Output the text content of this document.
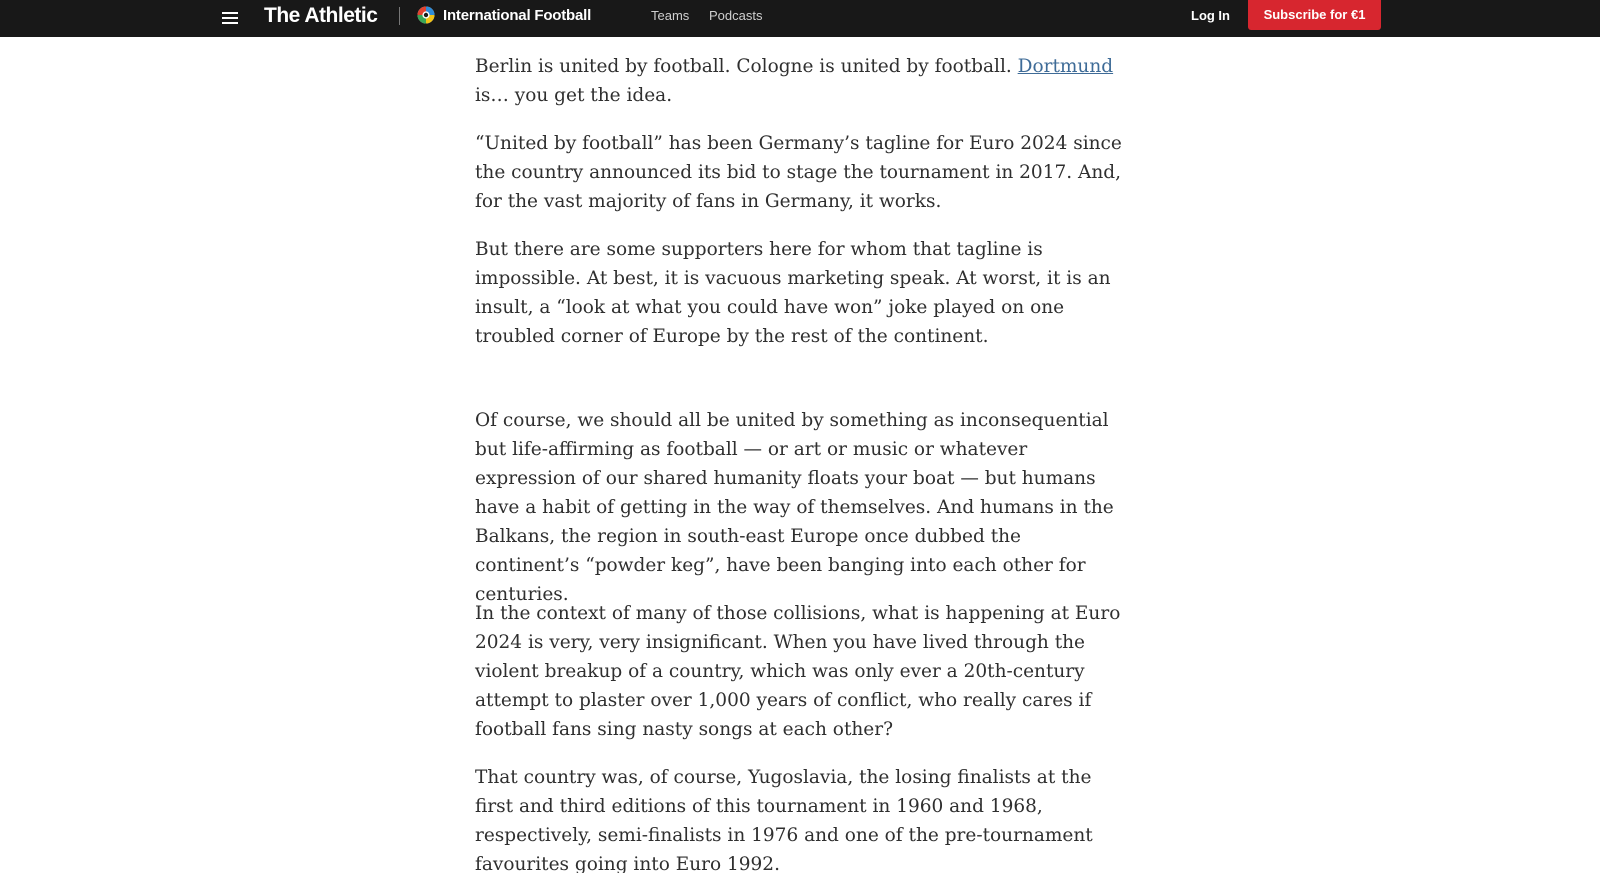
The Athletic	International Football	Teams Podcasts	Log In	Subscribe for €1

Berlin is united by football. Cologne is united by football. Dortmund is… you get the idea.

“United by football” has been Germany’s tagline for Euro 2024 since the country announced its bid to stage the tournament in 2017. And, for the vast majority of fans in Germany, it works.

But there are some supporters here for whom that tagline is impossible. At best, it is vacuous marketing speak. At worst, it is an insult, a “look at what you could have won” joke played on one troubled corner of Europe by the rest of the continent.

Of course, we should all be united by something as inconsequential but life-affirming as football — or art or music or whatever expression of our shared humanity floats your boat — but humans have a habit of getting in the way of themselves. And humans in the Balkans, the region in south-east Europe once dubbed the continent’s “powder keg”, have been banging into each other for centuries.

In the context of many of those collisions, what is happening at Euro 2024 is very, very insignificant. When you have lived through the violent breakup of a country, which was only ever a 20th-century attempt to plaster over 1,000 years of conflict, who really cares if football fans sing nasty songs at each other?

That country was, of course, Yugoslavia, the losing finalists at the first and third editions of this tournament in 1960 and 1968, respectively, semi-finalists in 1976 and one of the pre-tournament favourites going into Euro 1992.
